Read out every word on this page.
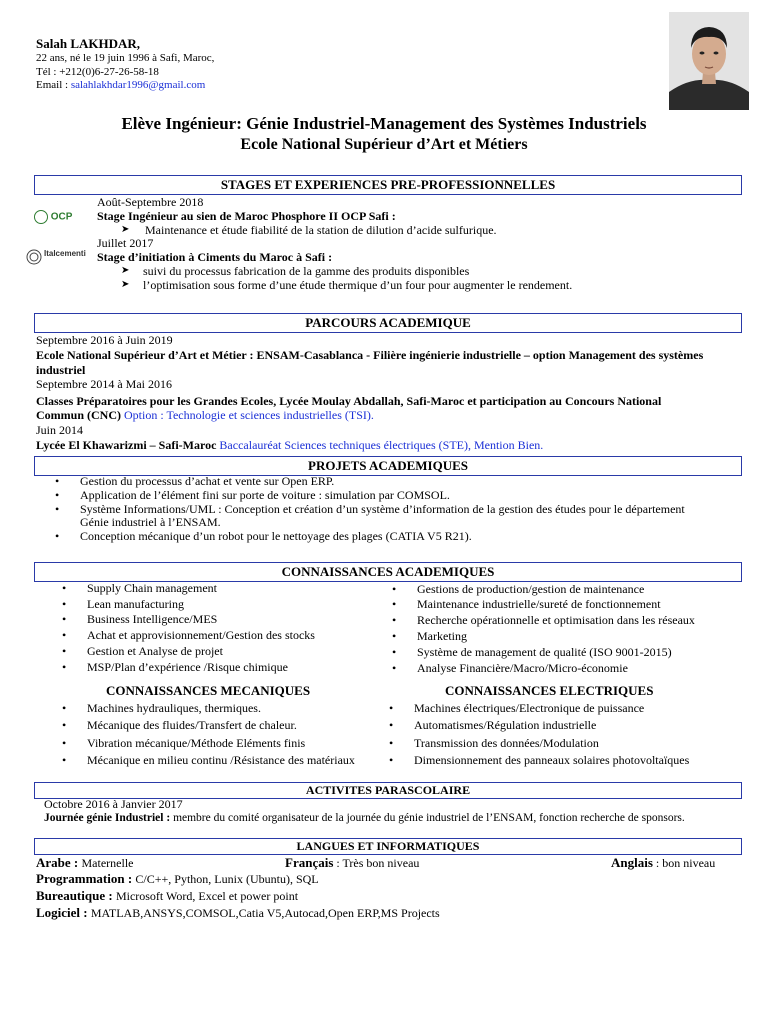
Salah LAKHDAR,
22 ans, né le 19 juin 1996 à Safi, Maroc,
Tél : +212(0)6-27-26-58-18
Email : salahlakhdar1996@gmail.com
Elève Ingénieur: Génie Industriel-Management des Systèmes Industriels
Ecole National Supérieur d’Art et Métiers
STAGES ET EXPERIENCES PRE-PROFESSIONNELLES
OCP
Italcementi
Août-Septembre 2018
Stage Ingénieur au sien de Maroc Phosphore II OCP Safi :
➤ Maintenance et étude fiabilité de la station de dilution d’acide sulfurique.
Juillet 2017
Stage d’initiation à Ciments du Maroc à Safi :
➤ suivi du processus fabrication de la gamme des produits disponibles
➤ l’optimisation sous forme d’une étude thermique d’un four pour augmenter le rendement.
PARCOURS ACADEMIQUE
Septembre 2016 à Juin 2019
Ecole National Supérieur d’Art et Métier : ENSAM-Casablanca - Filière ingénierie industrielle – option Management des systèmes
industriel
Septembre 2014 à Mai 2016
Classes Préparatoires pour les Grandes Ecoles, Lycée Moulay Abdallah, Safi-Maroc et participation au Concours National
Commun (CNC) Option : Technologie et sciences industrielles (TSI).
Juin 2014
Lycée El Khawarizmi – Safi-Maroc Baccalauréat Sciences techniques électriques (STE), Mention Bien.
PROJETS ACADEMIQUES
• Gestion du processus d’achat et vente sur Open ERP.
• Application de l’élément fini sur porte de voiture : simulation par COMSOL.
• Système Informations/UML : Conception et création d’un système d’information de la gestion des études pour le département
Génie industriel à l’ENSAM.
• Conception mécanique d’un robot pour le nettoyage des plages (CATIA V5 R21).
CONNAISSANCES ACADEMIQUES
• Supply Chain management
• Lean manufacturing
• Business Intelligence/MES
• Achat et approvisionnement/Gestion des stocks
• Gestion et Analyse de projet
• MSP/Plan d’expérience /Risque chimique
• Gestions de production/gestion de maintenance
• Maintenance industrielle/sureté de fonctionnement
• Recherche opérationnelle et optimisation dans les réseaux
• Marketing
• Système de management de qualité (ISO 9001-2015)
• Analyse Financière/Macro/Micro-économie
CONNAISSANCES MECANIQUES	CONNAISSANCES ELECTRIQUES
• Machines hydrauliques, thermiques.
• Mécanique des fluides/Transfert de chaleur.
• Vibration mécanique/Méthode Eléments finis
• Mécanique en milieu continu /Résistance des matériaux
• Machines électriques/Electronique de puissance
• Automatismes/Régulation industrielle
• Transmission des données/Modulation
• Dimensionnement des panneaux solaires photovoltaïques
ACTIVITES PARASCOLAIRE
Octobre 2016 à Janvier 2017
Journée génie Industriel : membre du comité organisateur de la journée du génie industriel de l’ENSAM, fonction recherche de sponsors.
LANGUES ET INFORMATIQUES
Arabe : Maternelle	Français : Très bon niveau	Anglais : bon niveau
Programmation : C/C++, Python, Lunix (Ubuntu), SQL
Bureautique : Microsoft Word, Excel et power point
Logiciel : MATLAB,ANSYS,COMSOL,Catia V5,Autocad,Open ERP,MS Projects
